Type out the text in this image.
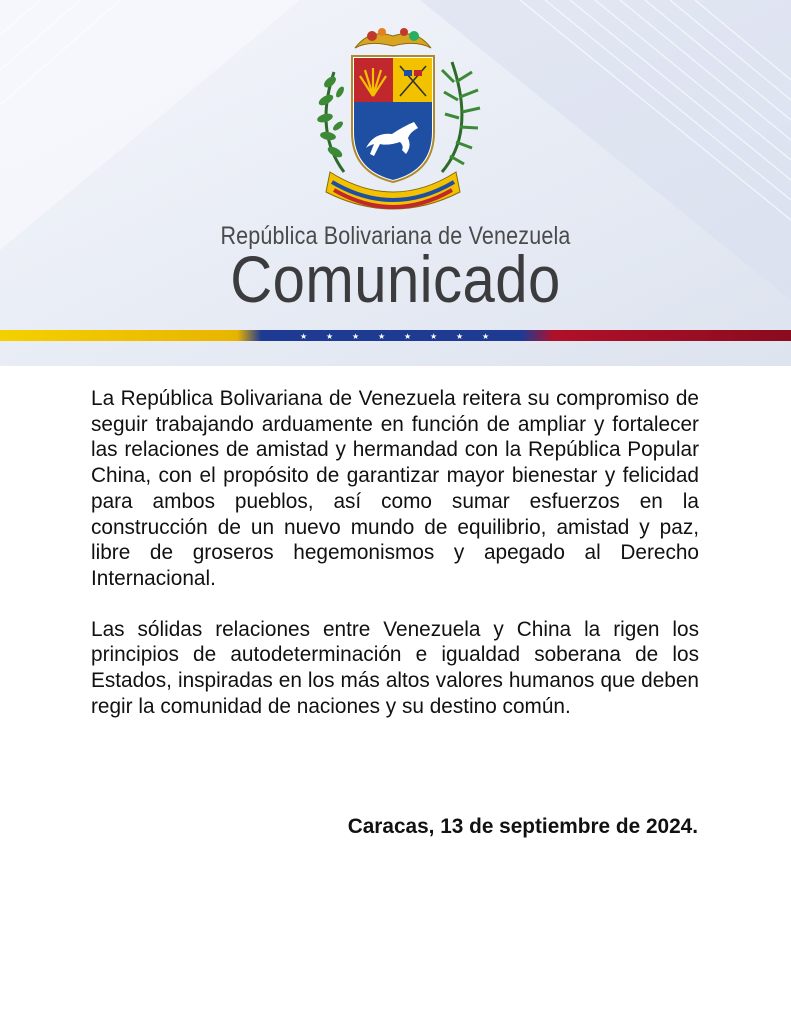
República Bolivariana de Venezuela
Comunicado
★ ★ ★ ★ ★ ★ ★ ★

La República Bolivariana de Venezuela reitera su compromiso de seguir trabajando arduamente en función de ampliar y fortalecer las relaciones de amistad y hermandad con la República Popular China, con el propósito de garantizar mayor bienestar y felicidad para ambos pueblos, así como sumar esfuerzos en la construcción de un nuevo mundo de equilibrio, amistad y paz, libre de groseros hegemonismos y apegado al Derecho Internacional.

Las sólidas relaciones entre Venezuela y China la rigen los principios de autodeterminación e igualdad soberana de los Estados, inspiradas en los más altos valores humanos que deben regir la comunidad de naciones y su destino común.

Caracas, 13 de septiembre de 2024.
